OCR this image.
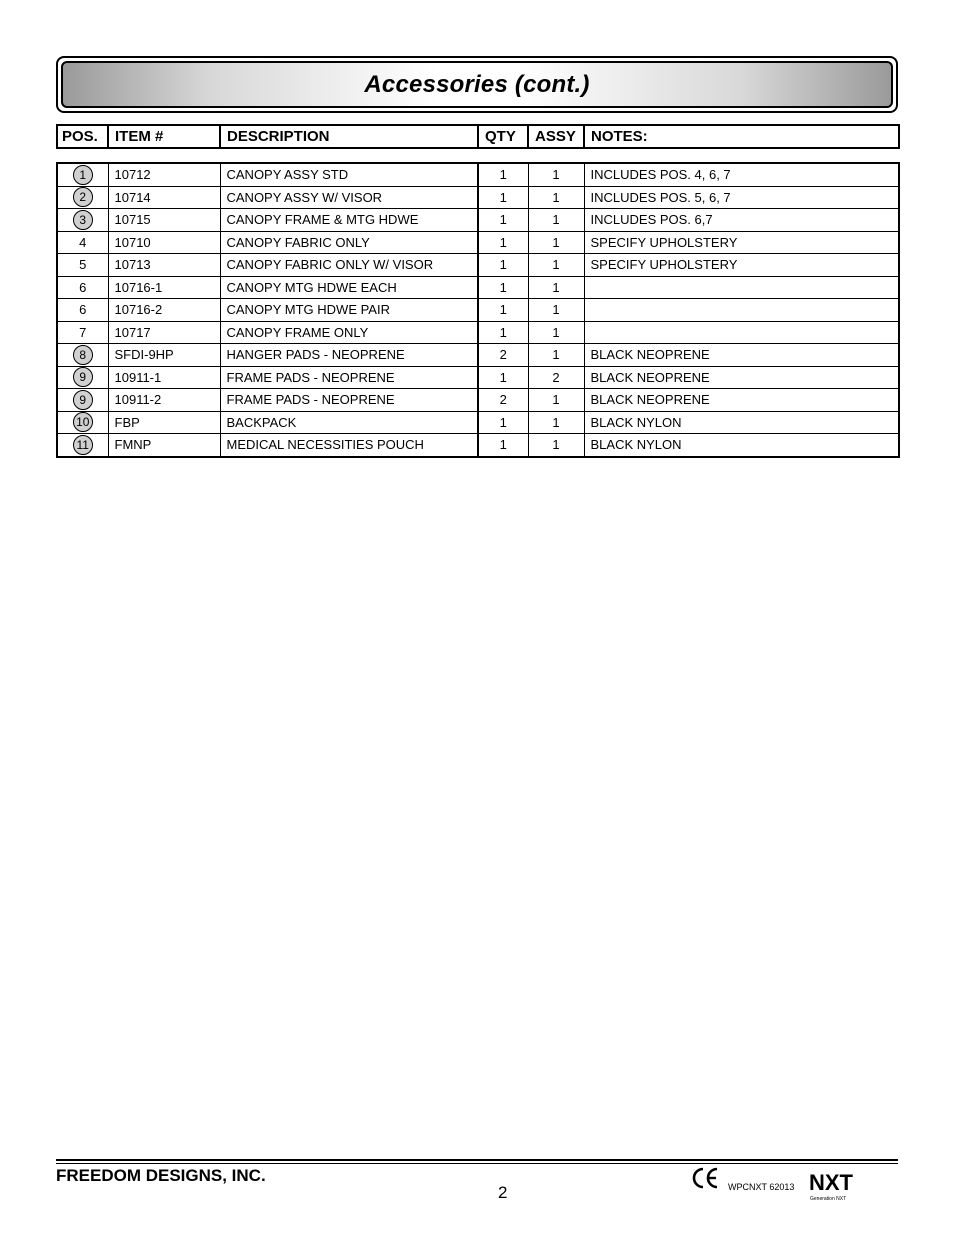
Accessories (cont.)
POS.	ITEM #	DESCRIPTION	QTY	ASSY	NOTES:
1	10712	CANOPY ASSY STD	1	1	INCLUDES POS. 4, 6, 7
2	10714	CANOPY ASSY W/ VISOR	1	1	INCLUDES POS. 5, 6, 7
3	10715	CANOPY FRAME & MTG HDWE	1	1	INCLUDES POS. 6,7
4	10710	CANOPY FABRIC ONLY	1	1	SPECIFY UPHOLSTERY
5	10713	CANOPY FABRIC ONLY W/ VISOR	1	1	SPECIFY UPHOLSTERY
6	10716-1	CANOPY MTG HDWE EACH	1	1	
6	10716-2	CANOPY MTG HDWE PAIR	1	1	
7	10717	CANOPY FRAME ONLY	1	1	
8	SFDI-9HP	HANGER PADS - NEOPRENE	2	1	BLACK NEOPRENE
9	10911-1	FRAME PADS - NEOPRENE	1	2	BLACK NEOPRENE
9	10911-2	FRAME PADS - NEOPRENE	2	1	BLACK NEOPRENE
10	FBP	BACKPACK	1	1	BLACK NYLON
11	FMNP	MEDICAL NECESSITIES POUCH	1	1	BLACK NYLON
FREEDOM DESIGNS, INC.
2	WPCNXT 62013 NXT
Generation NXT
